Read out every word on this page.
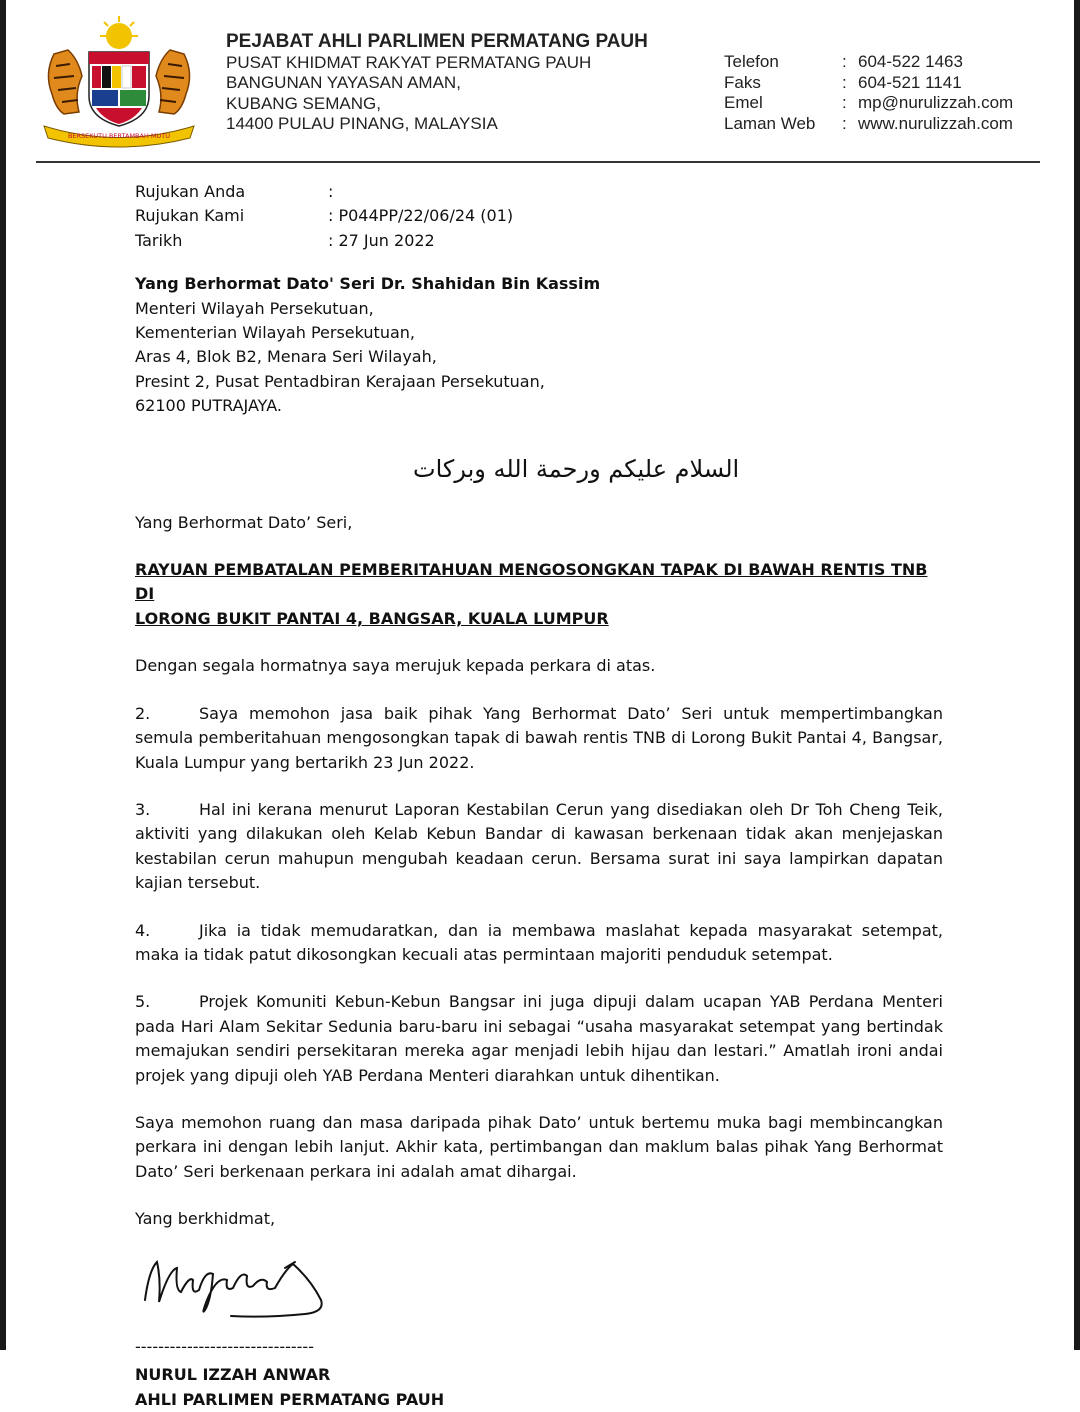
BERSEKUTU BERTAMBAH MUTU
PEJABAT AHLI PARLIMEN PERMATANG PAUH
PUSAT KHIDMAT RAKYAT PERMATANG PAUH
BANGUNAN YAYASAN AMAN,
KUBANG SEMANG,
14400 PULAU PINANG, MALAYSIA
Telefon	: 604-522 1463
Faks	: 604-521 1141
Emel	: mp@nurulizzah.com
Laman Web	: www.nurulizzah.com
Rujukan Anda	:
Rujukan Kami	: P044PP/22/06/24 (01)
Tarikh	: 27 Jun 2022
Yang Berhormat Dato' Seri Dr. Shahidan Bin Kassim
Menteri Wilayah Persekutuan,
Kementerian Wilayah Persekutuan,
Aras 4, Blok B2, Menara Seri Wilayah,
Presint 2, Pusat Pentadbiran Kerajaan Persekutuan,
62100 PUTRAJAYA.
السلام عليكم ورحمة الله وبركات
Yang Berhormat Dato’ Seri,
RAYUAN PEMBATALAN PEMBERITAHUAN MENGOSONGKAN TAPAK DI BAWAH RENTIS TNB DI
LORONG BUKIT PANTAI 4, BANGSAR, KUALA LUMPUR
Dengan segala hormatnya saya merujuk kepada perkara di atas.
2.	Saya memohon jasa baik pihak Yang Berhormat Dato’ Seri untuk mempertimbangkan semula pemberitahuan mengosongkan tapak di bawah rentis TNB di Lorong Bukit Pantai 4, Bangsar, Kuala Lumpur yang bertarikh 23 Jun 2022.
3.	Hal ini kerana menurut Laporan Kestabilan Cerun yang disediakan oleh Dr Toh Cheng Teik, aktiviti yang dilakukan oleh Kelab Kebun Bandar di kawasan berkenaan tidak akan menjejaskan kestabilan cerun mahupun mengubah keadaan cerun. Bersama surat ini saya lampirkan dapatan kajian tersebut.
4.	Jika ia tidak memudaratkan, dan ia membawa maslahat kepada masyarakat setempat, maka ia tidak patut dikosongkan kecuali atas permintaan majoriti penduduk setempat.
5.	Projek Komuniti Kebun-Kebun Bangsar ini juga dipuji dalam ucapan YAB Perdana Menteri pada Hari Alam Sekitar Sedunia baru-baru ini sebagai “usaha masyarakat setempat yang bertindak memajukan sendiri persekitaran mereka agar menjadi lebih hijau dan lestari.” Amatlah ironi andai projek yang dipuji oleh YAB Perdana Menteri diarahkan untuk dihentikan.
Saya memohon ruang dan masa daripada pihak Dato’ untuk bertemu muka bagi membincangkan perkara ini dengan lebih lanjut. Akhir kata, pertimbangan dan maklum balas pihak Yang Berhormat Dato’ Seri berkenaan perkara ini adalah amat dihargai.
Yang berkhidmat,
-------------------------------
NURUL IZZAH ANWAR
AHLI PARLIMEN PERMATANG PAUH
